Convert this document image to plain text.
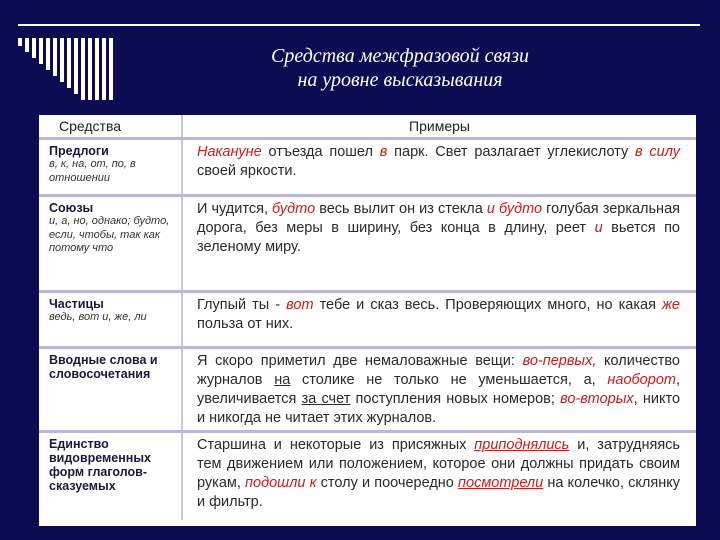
Средства межфразовой связи
на уровне высказывания
Средства	Примеры

Предлоги
в, к, на, от, по, в отношении	Накануне отъезда пошел в парк. Свет разлагает углекислоту в силу своей яркости.

Союзы
и, а, но, однако; будто, если, чтобы, так как потому что	И чудится, будто весь вылит он из стекла и будто голубая зеркальная дорога, без меры в ширину, без конца в длину, реет и вьется по зеленому миру.

Частицы
ведь, вот и, же, ли	Глупый ты - вот тебе и сказ весь. Проверяющих много, но какая же польза от них.

Вводные слова и словосочетания	Я скоро приметил две немаловажные вещи: во-первых, количество журналов на столике не только не уменьшается, а, наоборот, увеличивается за счет поступления новых номеров; во-вторых, никто и никогда не читает этих журналов.

Единство видовременных форм глаголов-сказуемых	Старшина и некоторые из присяжных приподнялись и, затрудняясь тем движением или положением, которое они должны придать своим рукам, подошли к столу и поочередно посмотрели на колечко, склянку и фильтр.
